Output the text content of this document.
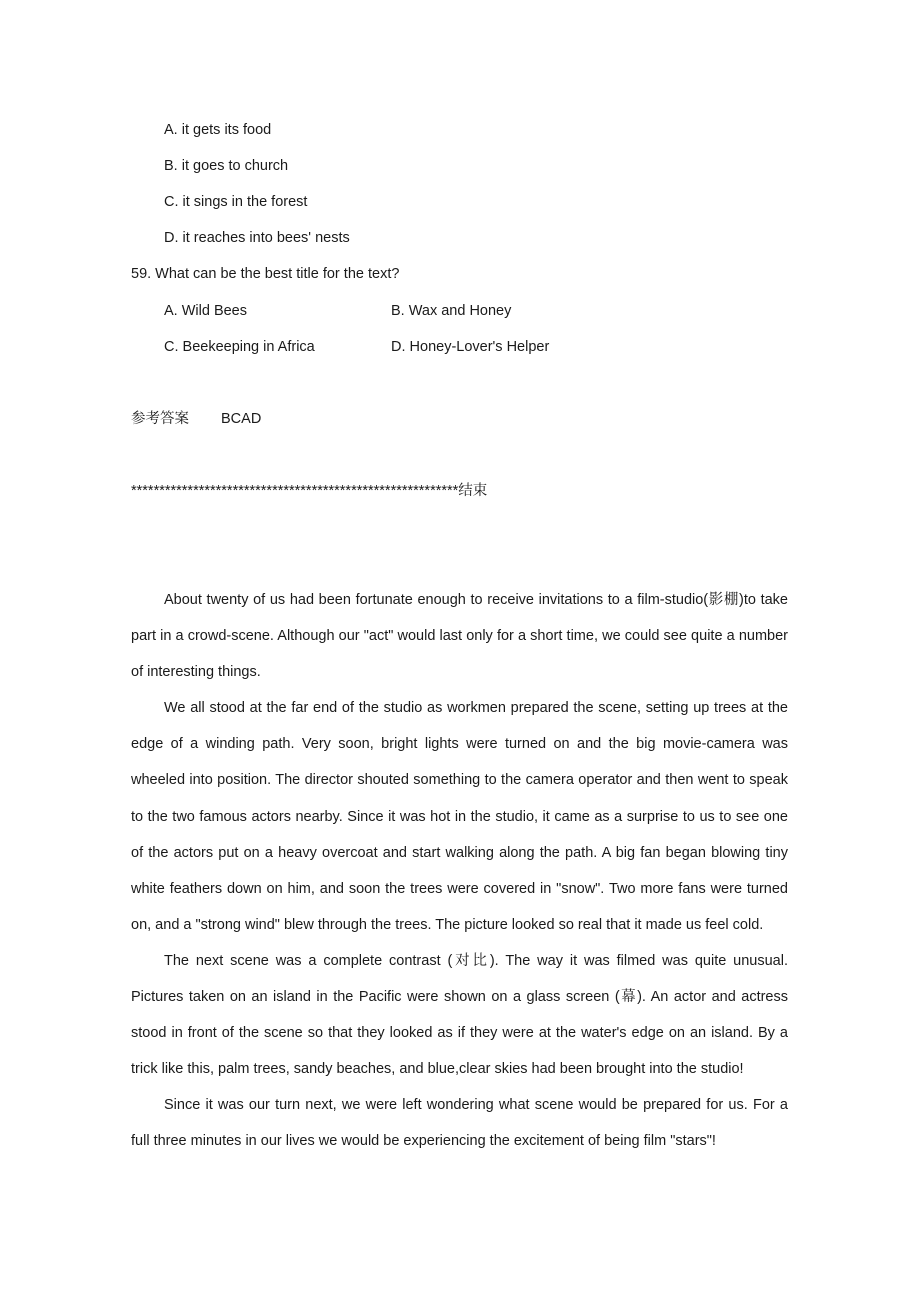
A. it gets its food
B. it goes to church
C. it sings in the forest
D. it reaches into bees' nests
59. What can be the best title for the text?
A. Wild Bees	B. Wax and Honey
C. Beekeeping in Africa	D. Honey-Lover's Helper
参考答案 BCAD
**********************************************************结束

About twenty of us had been fortunate enough to receive invitations to a film-studio(影棚)to take part in a crowd-scene. Although our "act" would last only for a short time, we could see quite a number of interesting things.

We all stood at the far end of the studio as workmen prepared the scene, setting up trees at the edge of a winding path. Very soon, bright lights were turned on and the big movie-camera was wheeled into position. The director shouted something to the camera operator and then went to speak to the two famous actors nearby. Since it was hot in the studio, it came as a surprise to us to see one of the actors put on a heavy overcoat and start walking along the path. A big fan began blowing tiny white feathers down on him, and soon the trees were covered in "snow". Two more fans were turned on, and a "strong wind" blew through the trees. The picture looked so real that it made us feel cold.

The next scene was a complete contrast (对比). The way it was filmed was quite unusual. Pictures taken on an island in the Pacific were shown on a glass screen (幕). An actor and actress stood in front of the scene so that they looked as if they were at the water's edge on an island. By a trick like this, palm trees, sandy beaches, and blue,clear skies had been brought into the studio!

Since it was our turn next, we were left wondering what scene would be prepared for us. For a full three minutes in our lives we would be experiencing the excitement of being film "stars"!
